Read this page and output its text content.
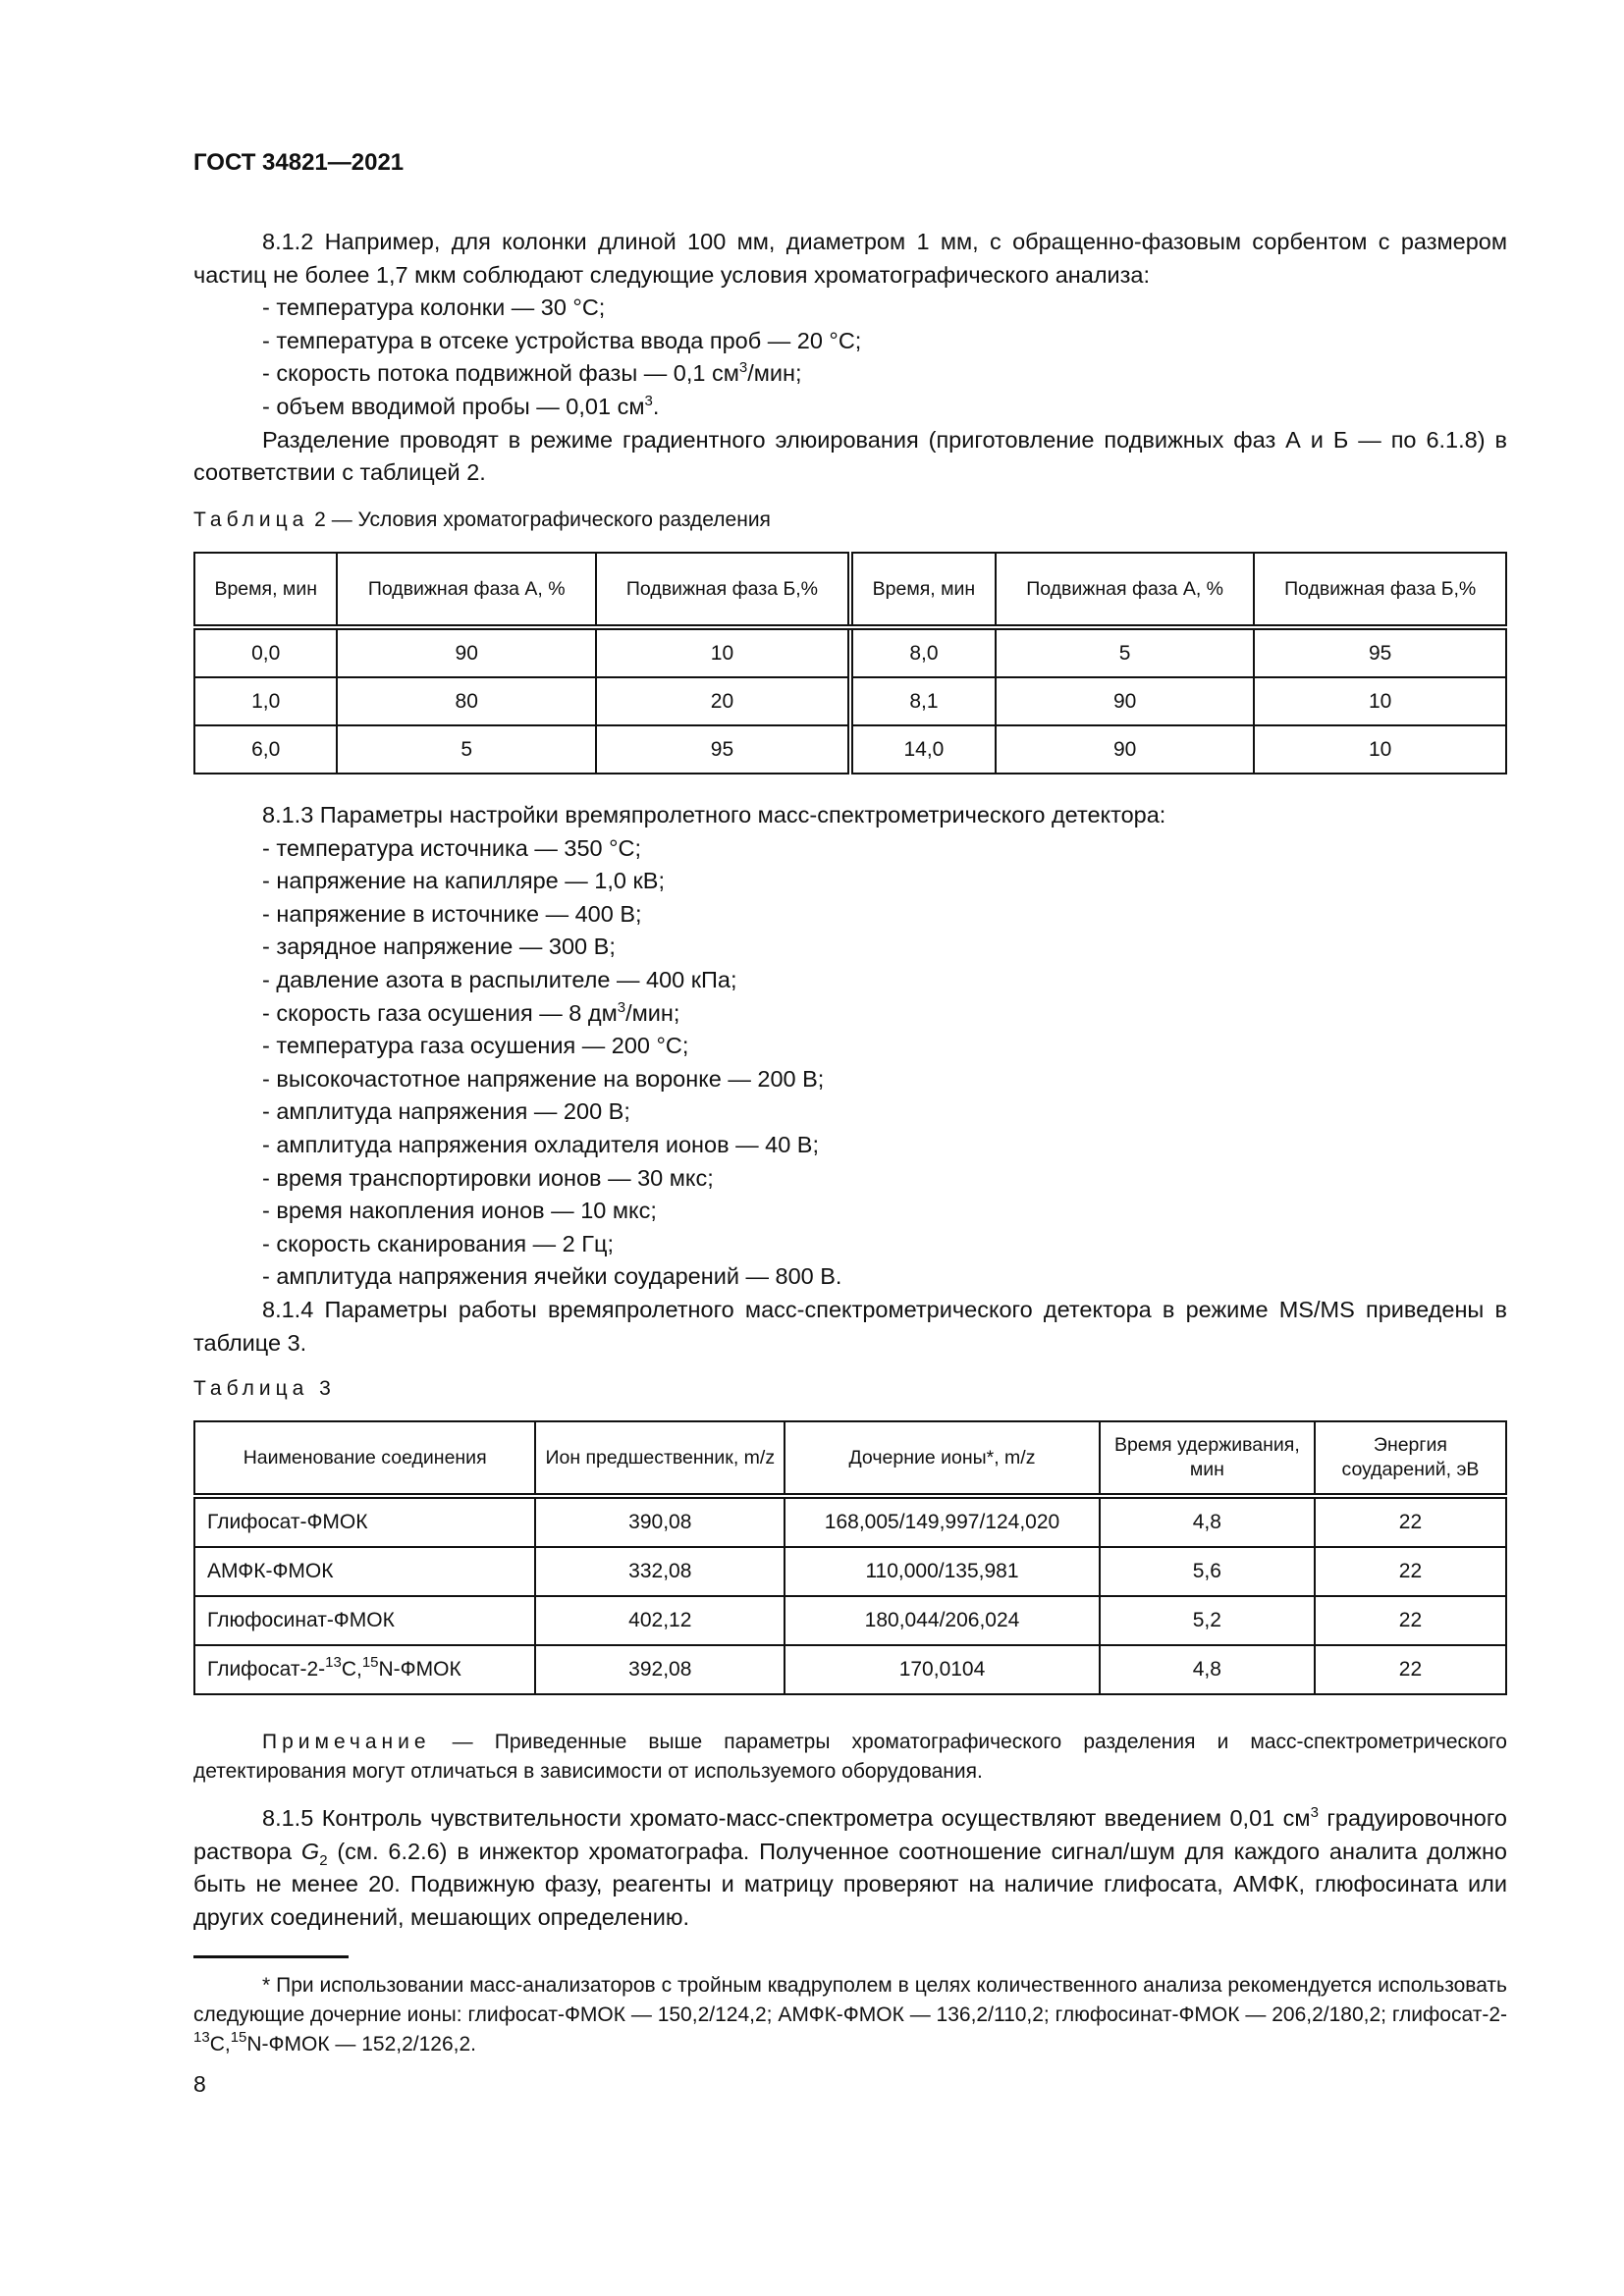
ГОСТ 34821—2021

8.1.2 Например, для колонки длиной 100 мм, диаметром 1 мм, с обращенно-фазовым сорбентом с размером частиц не более 1,7 мкм соблюдают следующие условия хроматографического анализа:

- температура колонки — 30 °С;

- температура в отсеке устройства ввода проб — 20 °С;

- скорость потока подвижной фазы — 0,1 $см^3$/мин;

- объем вводимой пробы — 0,01 $см^3$.

Разделение проводят в режиме градиентного элюирования (приготовление подвижных фаз А и Б — по 6.1.8) в соответствии с таблицей 2.

Таблица 2 — Условия хроматографического разделения
Время, мин	Подвижная фаза А, %	Подвижная фаза Б,%	Время, мин	Подвижная фаза А, %	Подвижная фаза Б,%
0,0	90	10	8,0	5	95
1,0	80	20	8,1	90	10
6,0	5	95	14,0	90	10

8.1.3 Параметры настройки времяпролетного масс-спектрометрического детектора:

- температура источника — 350 °С;

- напряжение на капилляре — 1,0 кВ;

- напряжение в источнике — 400 В;

- зарядное напряжение — 300 В;

- давление азота в распылителе — 400 кПа;

- скорость газа осушения — 8 $дм^3$/мин;

- температура газа осушения — 200 °С;

- высокочастотное напряжение на воронке — 200 В;

- амплитуда напряжения — 200 В;

- амплитуда напряжения охладителя ионов — 40 В;

- время транспортировки ионов — 30 мкс;

- время накопления ионов — 10 мкс;

- скорость сканирования — 2 Гц;

- амплитуда напряжения ячейки соударений — 800 В.

8.1.4 Параметры работы времяпролетного масс-спектрометрического детектора в режиме MS/MS приведены в таблице 3.

Таблица 3
Наименование соединения	Ион предшественник, m/z	Дочерние ионы*, m/z	Время удерживания, мин	Энергия соударений, эВ
Глифосат-ФМОК	390,08	168,005/149,997/124,020	4,8	22
АМФК-ФМОК	332,08	110,000/135,981	5,6	22
Глюфосинат-ФМОК	402,12	180,044/206,024	5,2	22
Глифосат-2-$^{13}$C,$^{15}$N-ФМОК	392,08	170,0104	4,8	22

Примечание — Приведенные выше параметры хроматографического разделения и масс-спектрометрического детектирования могут отличаться в зависимости от используемого оборудования.

8.1.5 Контроль чувствительности хромато-масс-спектрометра осуществляют введением 0,01 $см^3$ градуировочного раствора $G_2$ (см. 6.2.6) в инжектор хроматографа. Полученное соотношение сигнал/шум для каждого аналита должно быть не менее 20. Подвижную фазу, реагенты и матрицу проверяют на наличие глифосата, АМФК, глюфосината или других соединений, мешающих определению.

* При использовании масс-анализаторов с тройным квадруполем в целях количественного анализа рекомендуется использовать следующие дочерние ионы: глифосат-ФМОК — 150,2/124,2; АМФК-ФМОК — 136,2/110,2; глюфосинат-ФМОК — 206,2/180,2; глифосат-2-$^{13}$C,$^{15}$N-ФМОК — 152,2/126,2.

8
